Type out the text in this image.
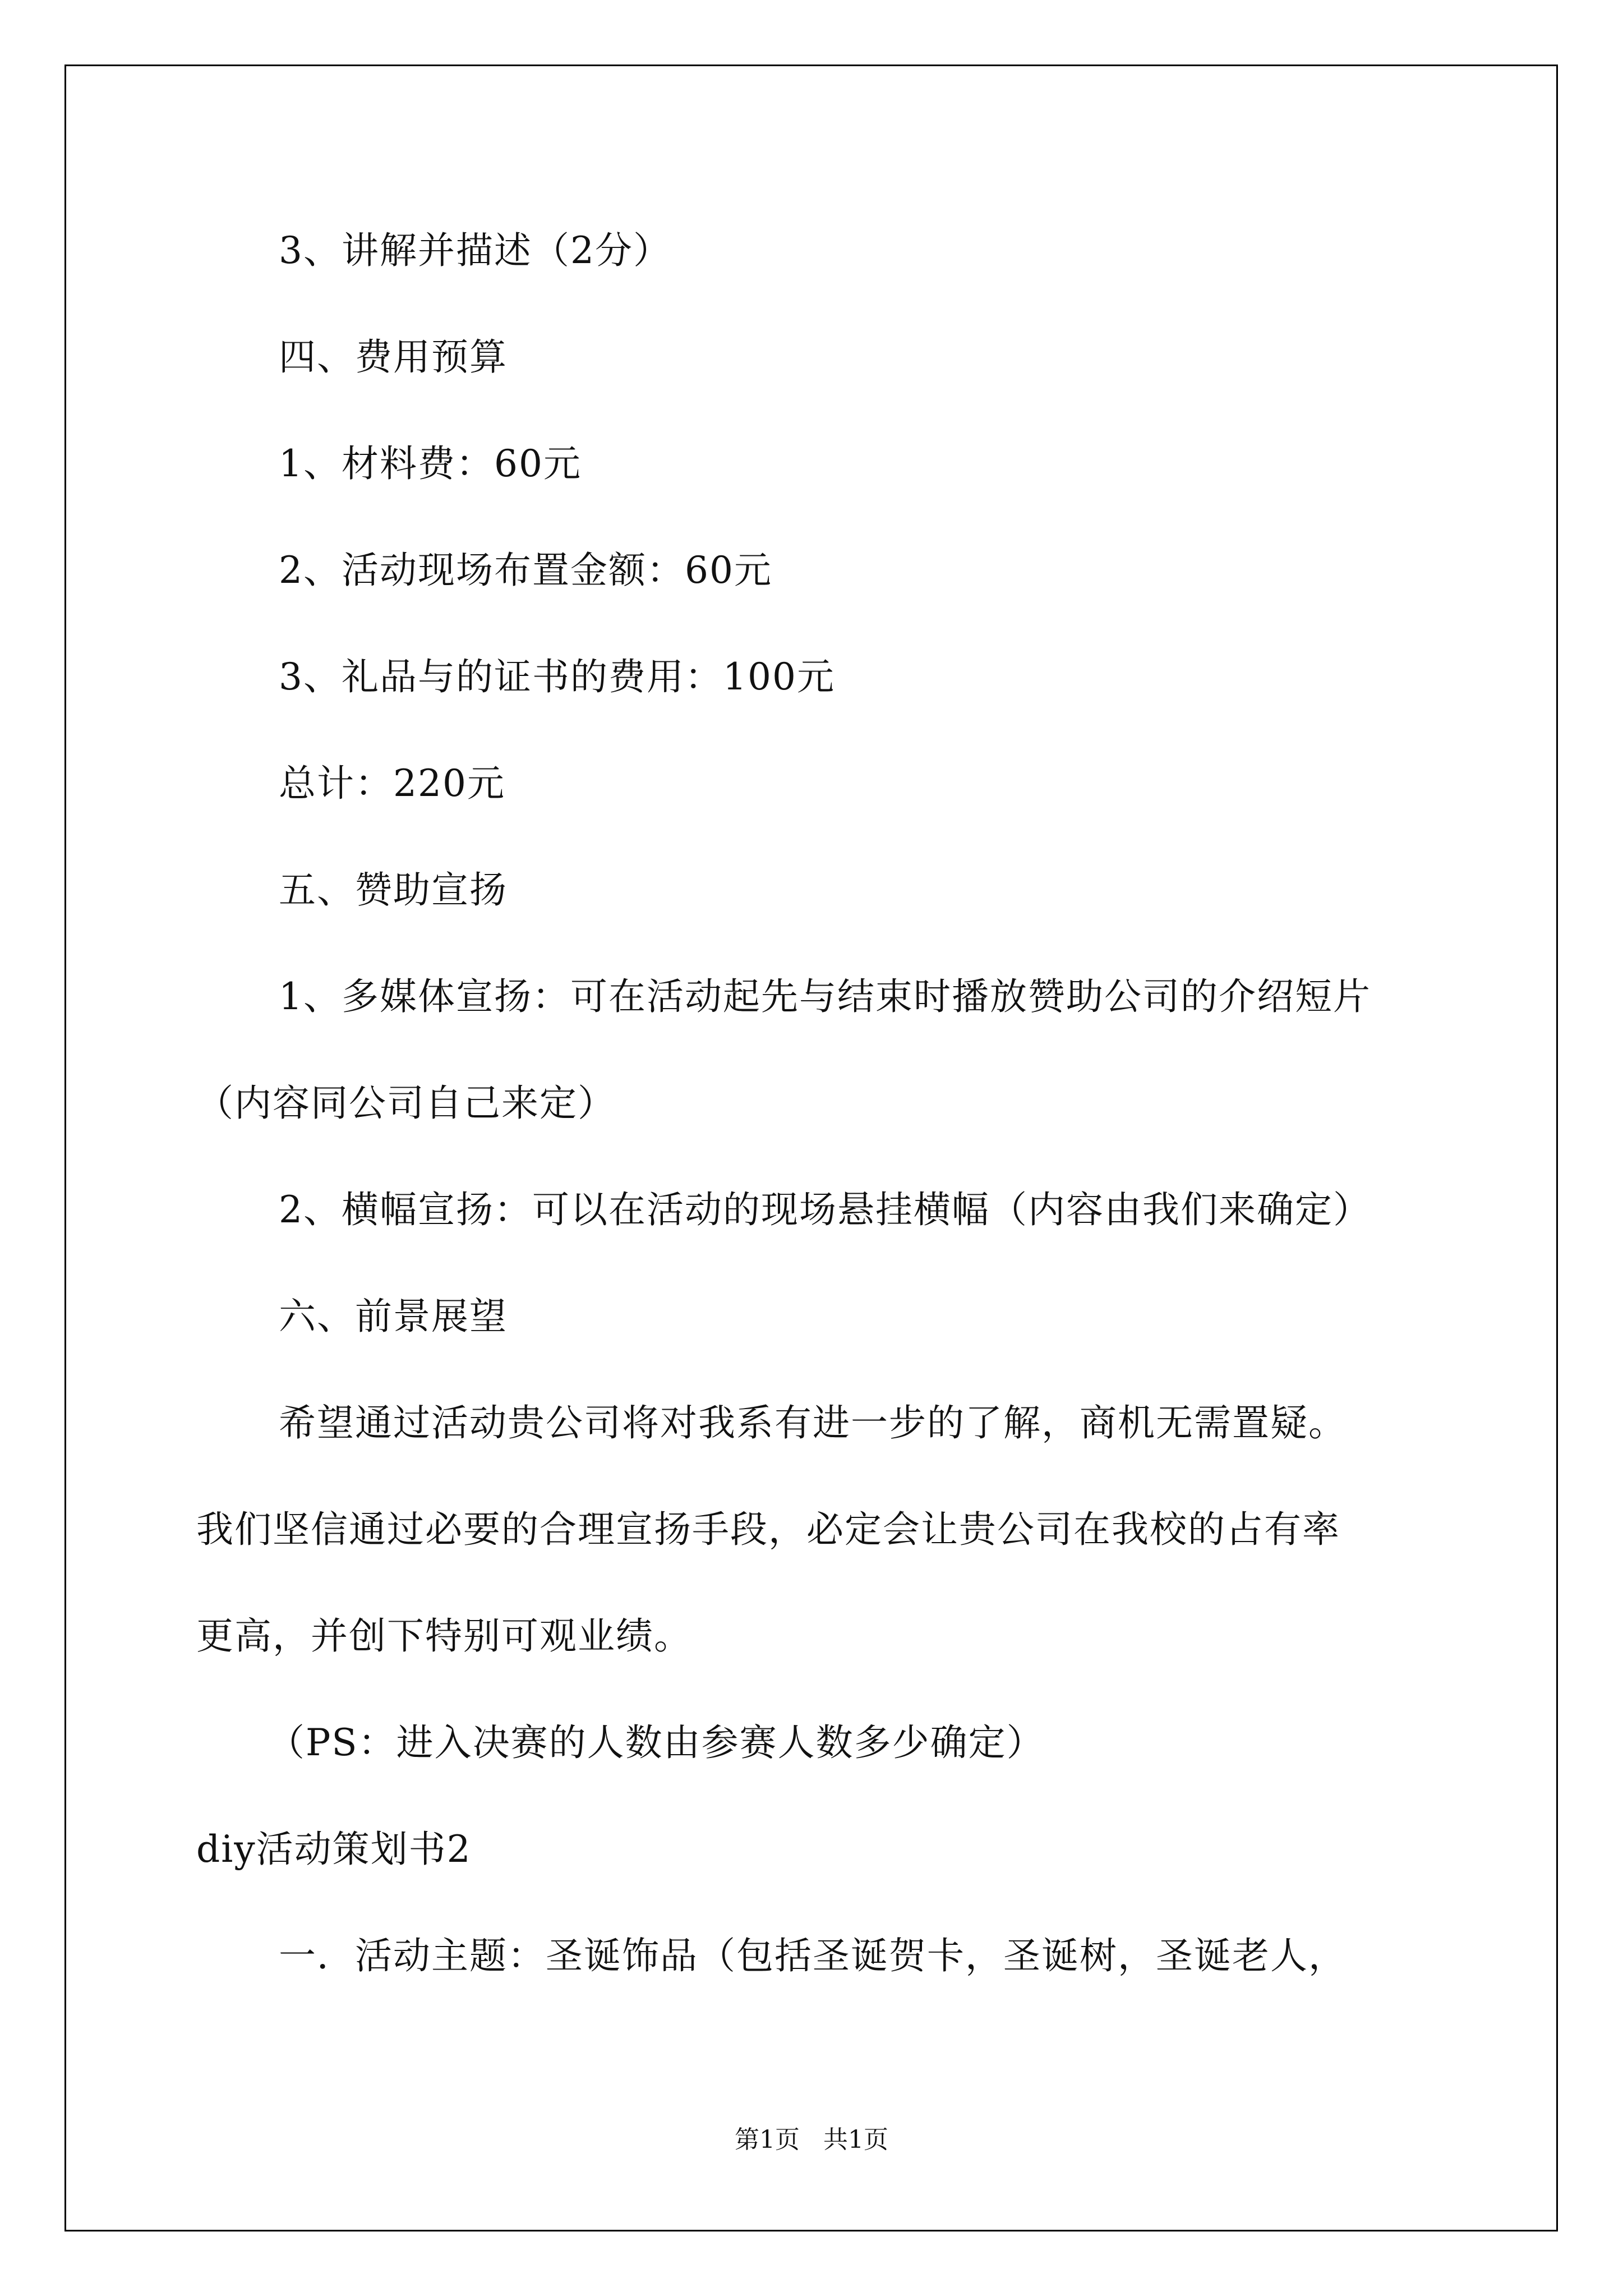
3、讲解并描述（2分）
四、费用预算
1、材料费：60元
2、活动现场布置金额：60元
3、礼品与的证书的费用：100元
总计：220元
五、赞助宣扬
1、多媒体宣扬：可在活动起先与结束时播放赞助公司的介绍短片
（内容同公司自己来定）
2、横幅宣扬：可以在活动的现场悬挂横幅（内容由我们来确定）
六、前景展望
希望通过活动贵公司将对我系有进一步的了解，商机无需置疑。
我们坚信通过必要的合理宣扬手段，必定会让贵公司在我校的占有率
更高，并创下特别可观业绩。
（PS：进入决赛的人数由参赛人数多少确定）
diy活动策划书2
一．活动主题：圣诞饰品（包括圣诞贺卡，圣诞树，圣诞老人，
第1页   共1页
